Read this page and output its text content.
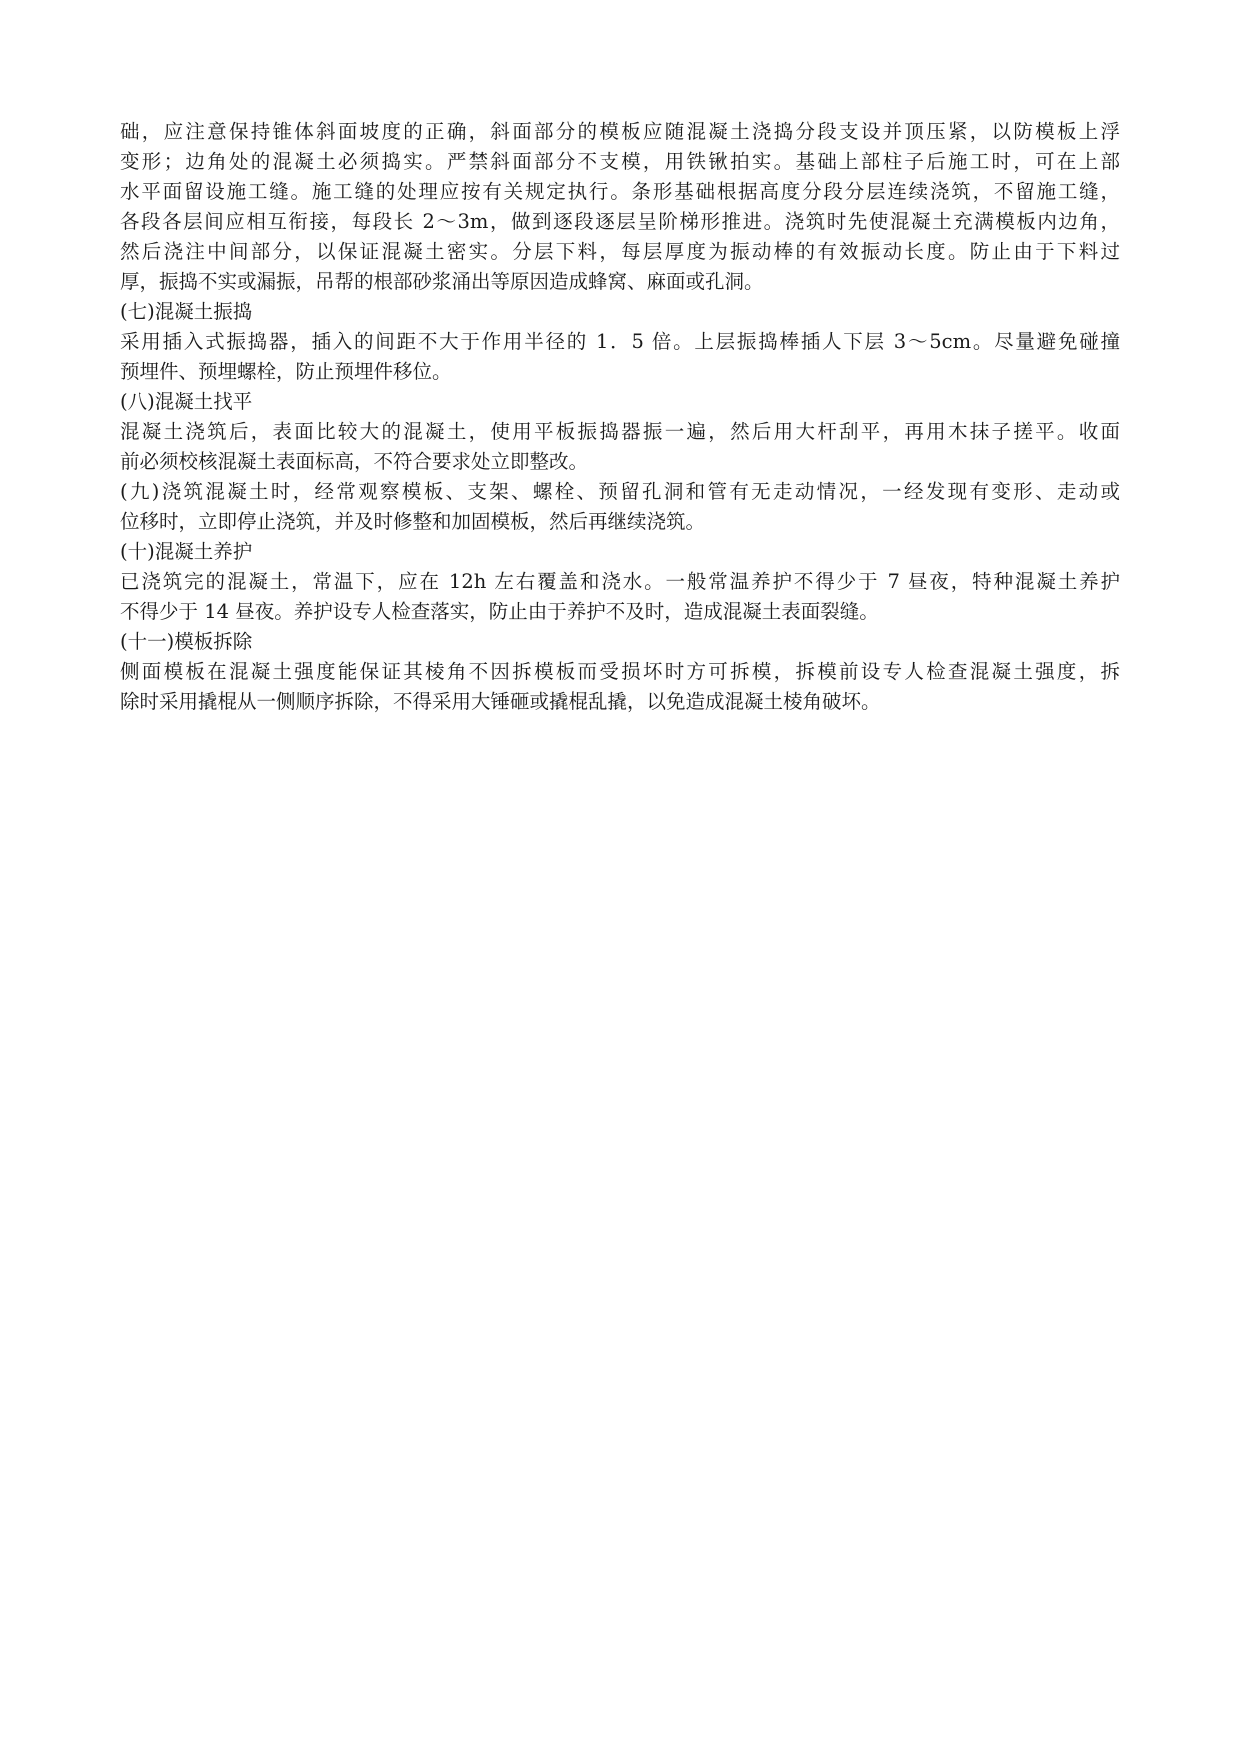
础，应注意保持锥体斜面坡度的正确，斜面部分的模板应随混凝土浇捣分段支设并顶压紧，以防模板上浮
变形；边角处的混凝土必须捣实。严禁斜面部分不支模，用铁锹拍实。基础上部柱子后施工时，可在上部
水平面留设施工缝。施工缝的处理应按有关规定执行。条形基础根据高度分段分层连续浇筑，不留施工缝，
各段各层间应相互衔接，每段长 2～3m，做到逐段逐层呈阶梯形推进。浇筑时先使混凝土充满模板内边角，
然后浇注中间部分，以保证混凝土密实。分层下料，每层厚度为振动棒的有效振动长度。防止由于下料过
厚，振捣不实或漏振，吊帮的根部砂浆涌出等原因造成蜂窝、麻面或孔洞。
(七)混凝土振捣
采用插入式振捣器，插入的间距不大于作用半径的 1．5 倍。上层振捣棒插人下层 3～5cm。尽量避免碰撞
预埋件、预埋螺栓，防止预埋件移位。
(八)混凝土找平
混凝土浇筑后，表面比较大的混凝土，使用平板振捣器振一遍，然后用大杆刮平，再用木抹子搓平。收面
前必须校核混凝土表面标高，不符合要求处立即整改。
(九)浇筑混凝土时，经常观察模板、支架、螺栓、预留孔洞和管有无走动情况，一经发现有变形、走动或
位移时，立即停止浇筑，并及时修整和加固模板，然后再继续浇筑。
(十)混凝土养护
已浇筑完的混凝土，常温下，应在 12h 左右覆盖和浇水。一般常温养护不得少于 7 昼夜，特种混凝土养护
不得少于 14 昼夜。养护设专人检查落实，防止由于养护不及时，造成混凝土表面裂缝。
(十一)模板拆除
侧面模板在混凝土强度能保证其棱角不因拆模板而受损坏时方可拆模，拆模前设专人检查混凝土强度，拆
除时采用撬棍从一侧顺序拆除，不得采用大锤砸或撬棍乱撬，以免造成混凝土棱角破坏。
